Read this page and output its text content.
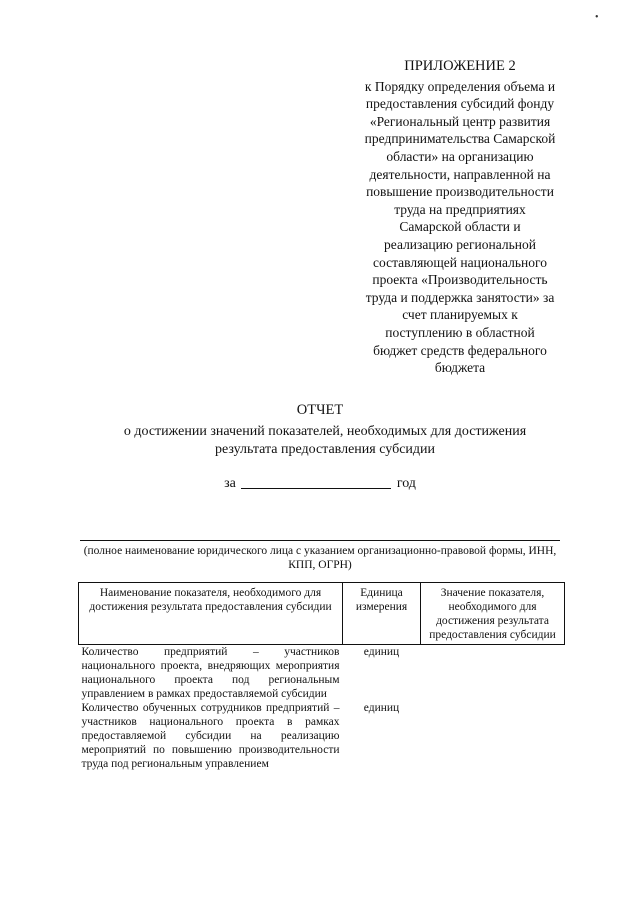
•
ПРИЛОЖЕНИЕ 2
к Порядку определения объема и
предоставления субсидий фонду
«Региональный центр развития
предпринимательства Самарской
области» на организацию
деятельности, направленной на
повышение производительности
труда на предприятиях
Самарской области и
реализацию региональной
составляющей национального
проекта «Производительность
труда и поддержка занятости» за
счет планируемых к
поступлению в областной
бюджет средств федерального
бюджета
ОТЧЕТ
о достижении значений показателей, необходимых для достижения результата предоставления субсидии
за	год
(полное наименование юридического лица с указанием организационно-правовой формы, ИНН, КПП, ОГРН)
Наименование показателя, необходимого для достижения результата предоставления субсидии	Единица измерения	Значение показателя, необходимого для достижения результата предоставления субсидии
Количество предприятий – участников национального проекта, внедряющих мероприятия национального проекта под региональным управлением в рамках предоставляемой субсидии	единиц	
Количество обученных сотрудников предприятий – участников национального проекта в рамках предоставляемой субсидии на реализацию мероприятий по повышению производительности труда под региональным управлением	единиц	
